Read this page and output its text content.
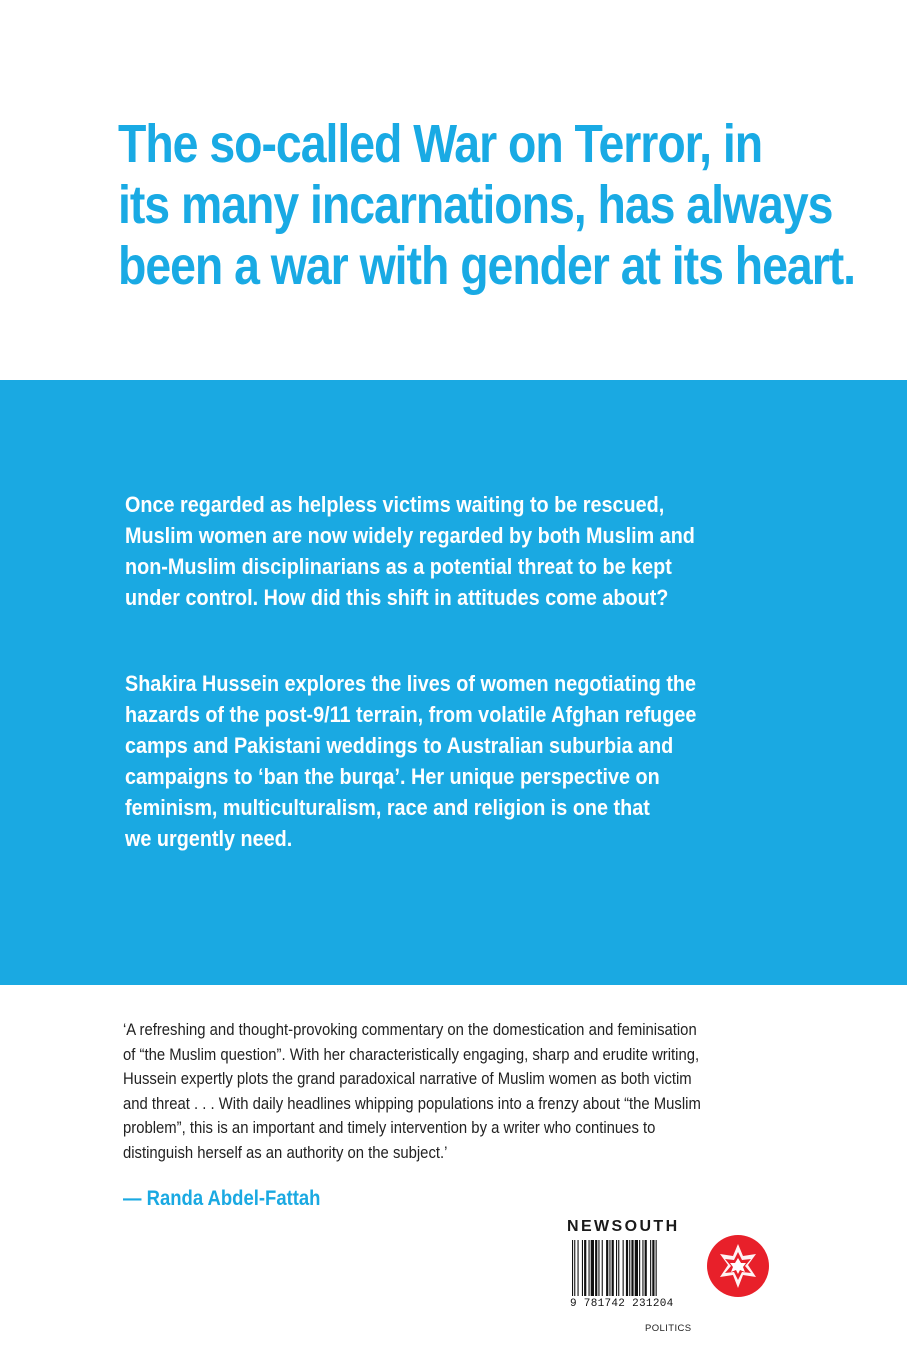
The so-called War on Terror, in
its many incarnations, has always
been a war with gender at its heart.
Once regarded as helpless victims waiting to be rescued,
Muslim women are now widely regarded by both Muslim and
non-Muslim disciplinarians as a potential threat to be kept
under control. How did this shift in attitudes come about?
Shakira Hussein explores the lives of women negotiating the
hazards of the post-9/11 terrain, from volatile Afghan refugee
camps and Pakistani weddings to Australian suburbia and
campaigns to ‘ban the burqa’. Her unique perspective on
feminism, multiculturalism, race and religion is one that
we urgently need.
‘A refreshing and thought-provoking commentary on the domestication and feminisation
of “the Muslim question”. With her characteristically engaging, sharp and erudite writing,
Hussein expertly plots the grand paradoxical narrative of Muslim women as both victim
and threat . . . With daily headlines whipping populations into a frenzy about “the Muslim
problem”, this is an important and timely intervention by a writer who continues to
distinguish herself as an authority on the subject.’
— Randa Abdel-Fattah
NEWSOUTH
9 781742 231204
POLITICS
